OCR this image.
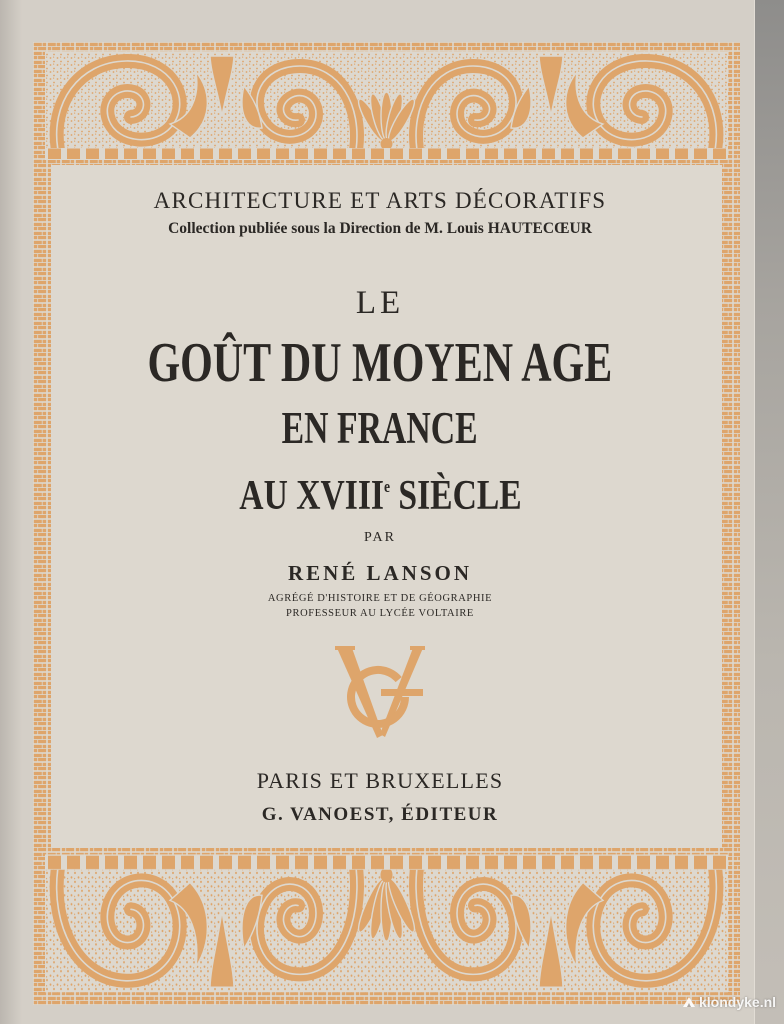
ARCHITECTURE ET ARTS DÉCORATIFS
Collection publiée sous la Direction de M. Louis HAUTECŒUR
LE
GOÛT DU MOYEN AGE
EN FRANCE
AU XVIIIe SIÈCLE
PAR
RENÉ LANSON
AGRÉGÉ D'HISTOIRE ET DE GÉOGRAPHIE
PROFESSEUR AU LYCÉE VOLTAIRE
PARIS ET BRUXELLES
G. VANOEST, ÉDITEUR
klondyke.nl
